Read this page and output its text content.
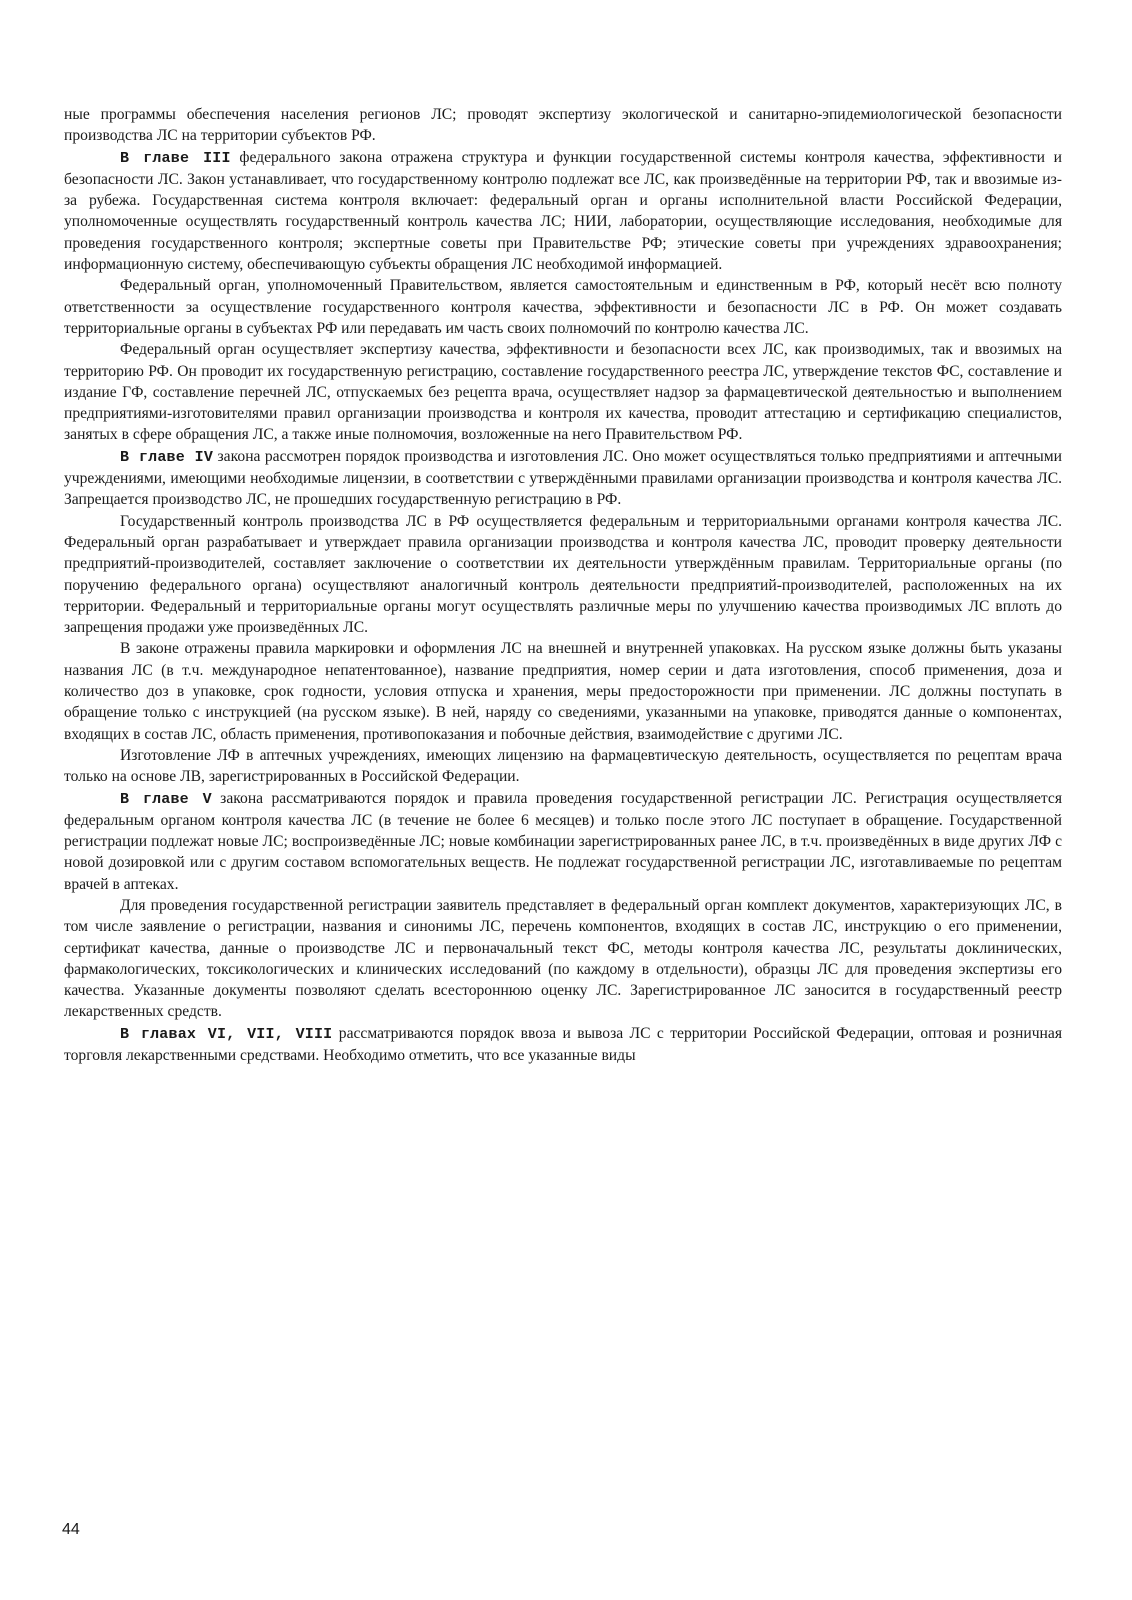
ные программы обеспечения населения регионов ЛС; проводят экспертизу экологической и санитарно-эпидемиологической безопасности производства ЛС на территории субъектов РФ.

В главе III федерального закона отражена структура и функции государственной системы контроля качества, эффективности и безопасности ЛС. Закон устанавливает, что государственному контролю подлежат все ЛС, как произведённые на территории РФ, так и ввозимые из-за рубежа. Государственная система контроля включает: федеральный орган и органы исполнительной власти Российской Федерации, уполномоченные осуществлять государственный контроль качества ЛС; НИИ, лаборатории, осуществляющие исследования, необходимые для проведения государственного контроля; экспертные советы при Правительстве РФ; этические советы при учреждениях здравоохранения; информационную систему, обеспечивающую субъекты обращения ЛС необходимой информацией.

Федеральный орган, уполномоченный Правительством, является самостоятельным и единственным в РФ, который несёт всю полноту ответственности за осуществление государственного контроля качества, эффективности и безопасности ЛС в РФ. Он может создавать территориальные органы в субъектах РФ или передавать им часть своих полномочий по контролю качества ЛС.

Федеральный орган осуществляет экспертизу качества, эффективности и безопасности всех ЛС, как производимых, так и ввозимых на территорию РФ. Он проводит их государственную регистрацию, составление государственного реестра ЛС, утверждение текстов ФС, составление и издание ГФ, составление перечней ЛС, отпускаемых без рецепта врача, осуществляет надзор за фармацевтической деятельностью и выполнением предприятиями-изготовителями правил организации производства и контроля их качества, проводит аттестацию и сертификацию специалистов, занятых в сфере обращения ЛС, а также иные полномочия, возложенные на него Правительством РФ.

В главе IV закона рассмотрен порядок производства и изготовления ЛС. Оно может осуществляться только предприятиями и аптечными учреждениями, имеющими необходимые лицензии, в соответствии с утверждёнными правилами организации производства и контроля качества ЛС. Запрещается производство ЛС, не прошедших государственную регистрацию в РФ.

Государственный контроль производства ЛС в РФ осуществляется федеральным и территориальными органами контроля качества ЛС. Федеральный орган разрабатывает и утверждает правила организации производства и контроля качества ЛС, проводит проверку деятельности предприятий-производителей, составляет заключение о соответствии их деятельности утверждённым правилам. Территориальные органы (по поручению федерального органа) осуществляют аналогичный контроль деятельности предприятий-производителей, расположенных на их территории. Федеральный и территориальные органы могут осуществлять различные меры по улучшению качества производимых ЛС вплоть до запрещения продажи уже произведённых ЛС.

В законе отражены правила маркировки и оформления ЛС на внешней и внутренней упаковках. На русском языке должны быть указаны названия ЛС (в т.ч. международное непатентованное), название предприятия, номер серии и дата изготовления, способ применения, доза и количество доз в упаковке, срок годности, условия отпуска и хранения, меры предосторожности при применении. ЛС должны поступать в обращение только с инструкцией (на русском языке). В ней, наряду со сведениями, указанными на упаковке, приводятся данные о компонентах, входящих в состав ЛС, область применения, противопоказания и побочные действия, взаимодействие с другими ЛС.

Изготовление ЛФ в аптечных учреждениях, имеющих лицензию на фармацевтическую деятельность, осуществляется по рецептам врача только на основе ЛВ, зарегистрированных в Российской Федерации.

В главе V закона рассматриваются порядок и правила проведения государственной регистрации ЛС. Регистрация осуществляется федеральным органом контроля качества ЛС (в течение не более 6 месяцев) и только после этого ЛС поступает в обращение. Государственной регистрации подлежат новые ЛС; воспроизведённые ЛС; новые комбинации зарегистрированных ранее ЛС, в т.ч. произведённых в виде других ЛФ с новой дозировкой или с другим составом вспомогательных веществ. Не подлежат государственной регистрации ЛС, изготавливаемые по рецептам врачей в аптеках.

Для проведения государственной регистрации заявитель представляет в федеральный орган комплект документов, характеризующих ЛС, в том числе заявление о регистрации, названия и синонимы ЛС, перечень компонентов, входящих в состав ЛС, инструкцию о его применении, сертификат качества, данные о производстве ЛС и первоначальный текст ФС, методы контроля качества ЛС, результаты доклинических, фармакологических, токсикологических и клинических исследований (по каждому в отдельности), образцы ЛС для проведения экспертизы его качества. Указанные документы позволяют сделать всестороннюю оценку ЛС. Зарегистрированное ЛС заносится в государственный реестр лекарственных средств.

В главах VI, VII, VIII рассматриваются порядок ввоза и вывоза ЛС с территории Российской Федерации, оптовая и розничная торговля лекарственными средствами. Необходимо отметить, что все указанные виды

44
